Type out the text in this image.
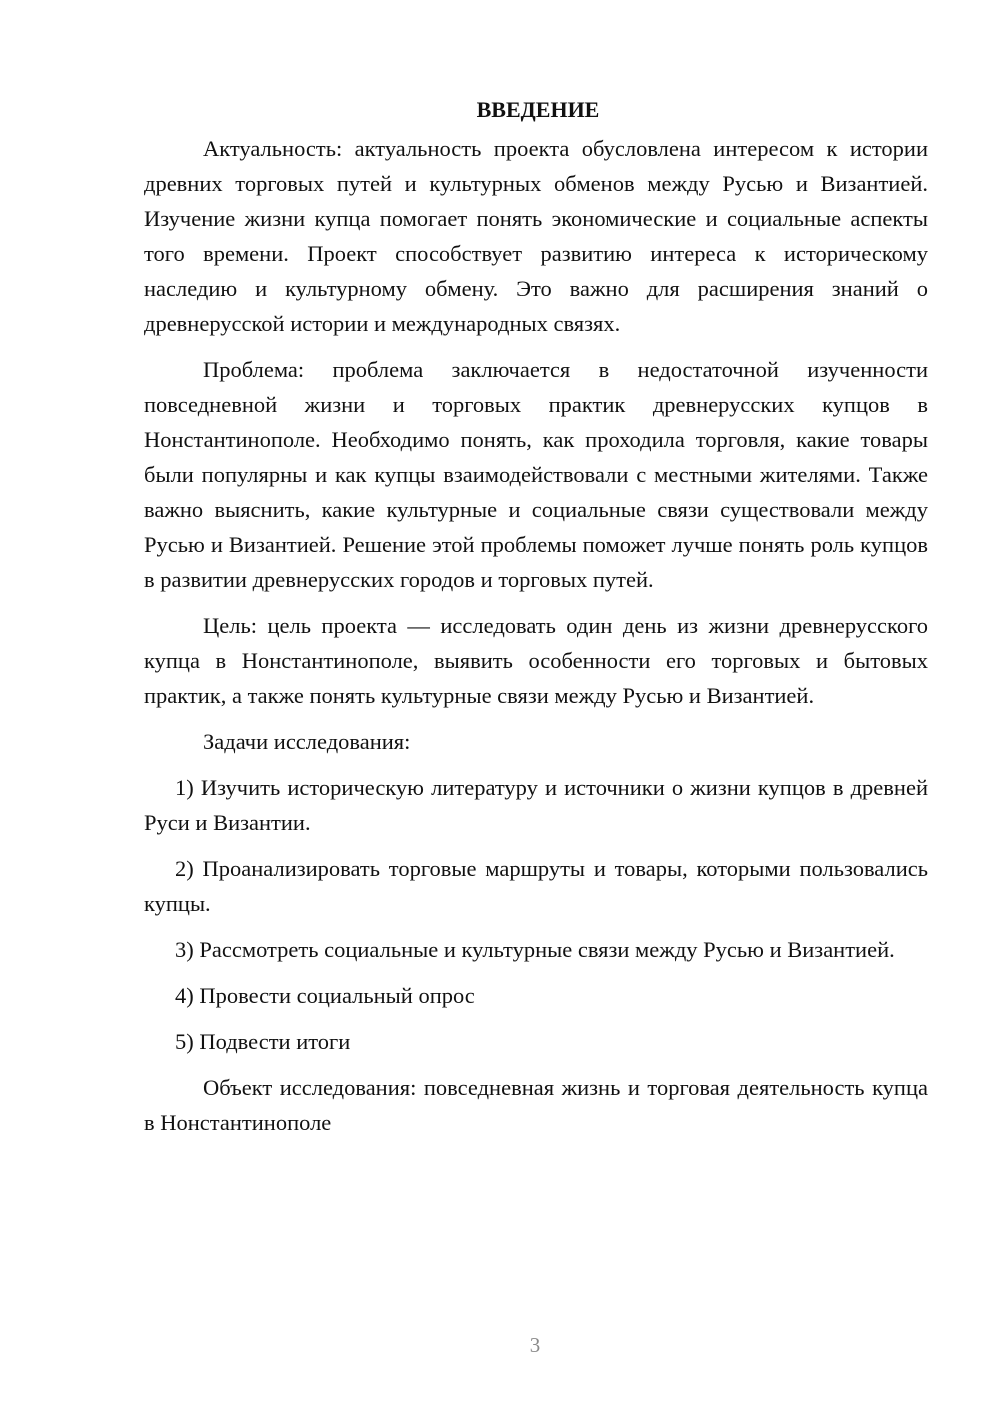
ВВЕДЕНИЕ

Актуальность: актуальность проекта обусловлена интересом к истории древних торговых путей и культурных обменов между Русью и Византией. Изучение жизни купца помогает понять экономические и социальные аспекты того времени. Проект способствует развитию интереса к историческому наследию и культурному обмену. Это важно для расширения знаний о древнерусской истории и международных связях.

Проблема: проблема заключается в недостаточной изученности повседневной жизни и торговых практик древнерусских купцов в Нонстантинополе. Необходимо понять, как проходила торговля, какие товары были популярны и как купцы взаимодействовали с местными жителями. Также важно выяснить, какие культурные и социальные связи существовали между Русью и Византией. Решение этой проблемы поможет лучше понять роль купцов в развитии древнерусских городов и торговых путей.

Цель: цель проекта — исследовать один день из жизни древнерусского купца в Нонстантинополе, выявить особенности его торговых и бытовых практик, а также понять культурные связи между Русью и Византией.

Задачи исследования:

1) Изучить историческую литературу и источники о жизни купцов в древней Руси и Византии.

2) Проанализировать торговые маршруты и товары, которыми пользовались купцы.

3) Рассмотреть социальные и культурные связи между Русью и Византией.

4) Провести социальный опрос

5) Подвести итоги

Объект исследования: повседневная жизнь и торговая деятельность купца в Нонстантинополе

3
